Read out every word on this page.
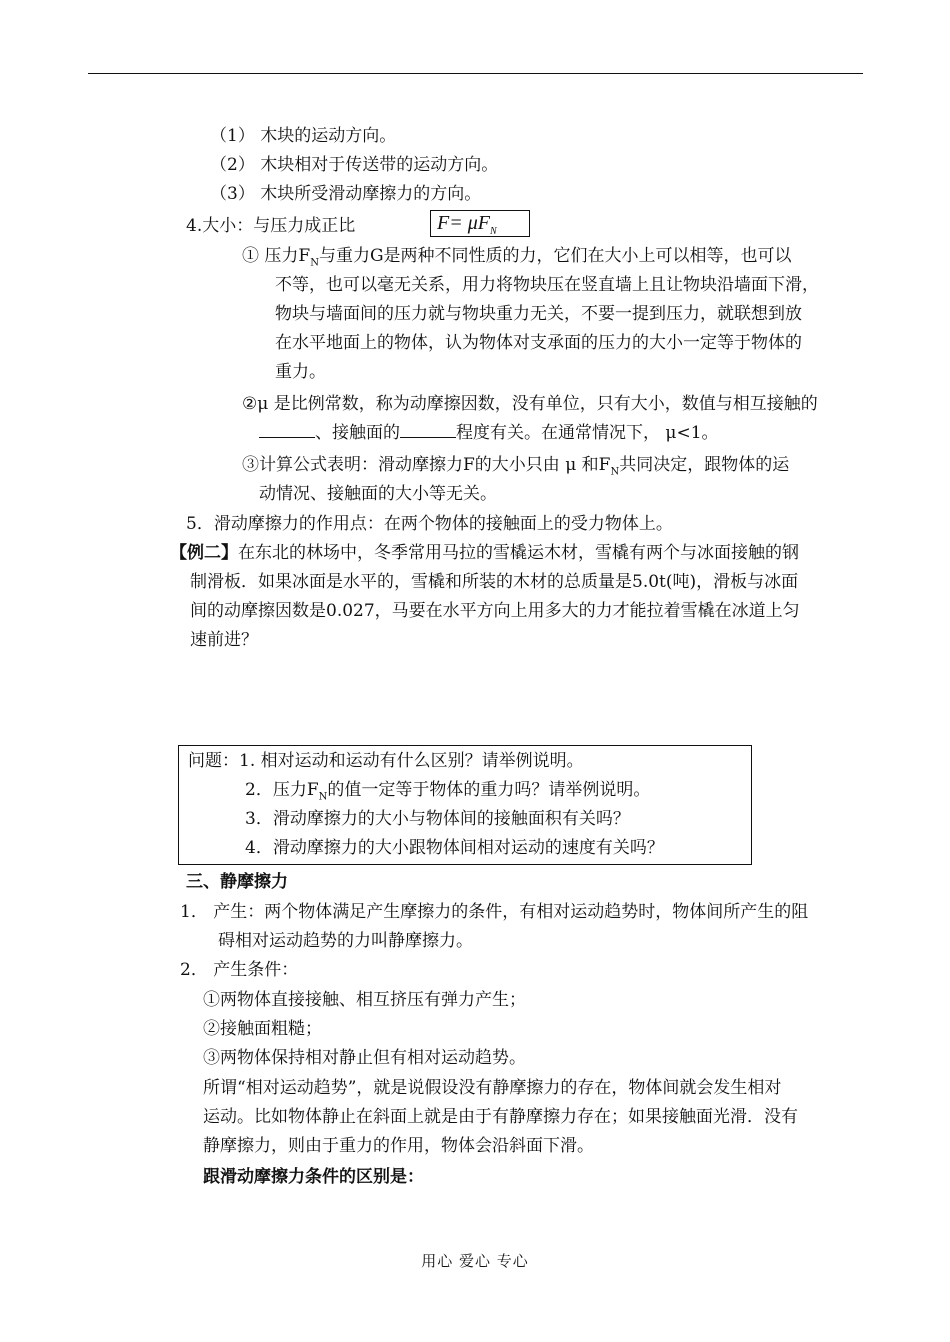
（1） 木块的运动方向。
（2） 木块相对于传送带的运动方向。
（3） 木块所受滑动摩擦力的方向。
4.大小：与压力成正比	$F= \mu F_N$
① 压力$F_N$与重力G是两种不同性质的力，它们在大小上可以相等，也可以
不等，也可以毫无关系，用力将物块压在竖直墙上且让物块沿墙面下滑，
物块与墙面间的压力就与物块重力无关，不要一提到压力，就联想到放
在水平地面上的物体，认为物体对支承面的压力的大小一定等于物体的
重力。
②μ 是比例常数，称为动摩擦因数，没有单位，只有大小，数值与相互接触的
、接触面的	程度有关。在通常情况下， μ<1。
③计算公式表明：滑动摩擦力F的大小只由 μ 和$F_N$共同决定，跟物体的运
动情况、接触面的大小等无关。
5．滑动摩擦力的作用点：在两个物体的接触面上的受力物体上。
【例二】在东北的林场中，冬季常用马拉的雪橇运木材，雪橇有两个与冰面接触的钢
制滑板．如果冰面是水平的，雪橇和所装的木材的总质量是5.0t(吨)，滑板与冰面
间的动摩擦因数是0.027，马要在水平方向上用多大的力才能拉着雪橇在冰道上匀
速前进？
问题：1. 相对运动和运动有什么区别？请举例说明。
2．压力$F_N$的值一定等于物体的重力吗？请举例说明。
3．滑动摩擦力的大小与物体间的接触面积有关吗？
4．滑动摩擦力的大小跟物体间相对运动的速度有关吗？
三、静摩擦力
1． 产生：两个物体满足产生摩擦力的条件，有相对运动趋势时，物体间所产生的阻
碍相对运动趋势的力叫静摩擦力。
2． 产生条件：
①两物体直接接触、相互挤压有弹力产生；
②接触面粗糙；
③两物体保持相对静止但有相对运动趋势。
所谓“相对运动趋势”，就是说假设没有静摩擦力的存在，物体间就会发生相对
运动。比如物体静止在斜面上就是由于有静摩擦力存在；如果接触面光滑．没有
静摩擦力，则由于重力的作用，物体会沿斜面下滑。
跟滑动摩擦力条件的区别是：
用心 爱心 专心
